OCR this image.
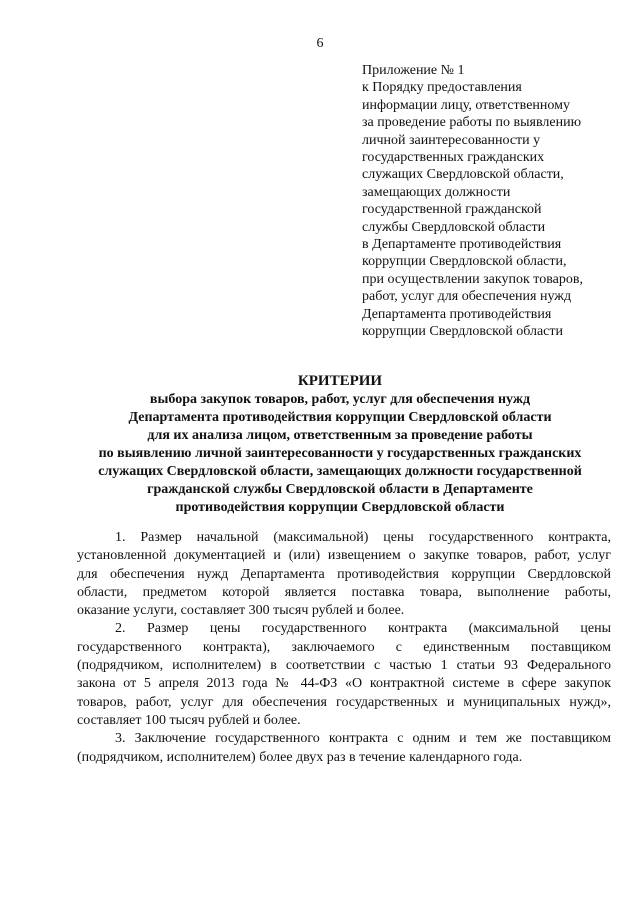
6
Приложение № 1
к Порядку предоставления
информации лицу, ответственному
за проведение работы по выявлению
личной заинтересованности у
государственных гражданских
служащих Свердловской области,
замещающих должности
государственной гражданской
службы Свердловской области
в Департаменте противодействия
коррупции Свердловской области,
при осуществлении закупок товаров,
работ, услуг для обеспечения нужд
Департамента противодействия
коррупции Свердловской области
КРИТЕРИИ
выбора закупок товаров, работ, услуг для обеспечения нужд
Департамента противодействия коррупции Свердловской области
для их анализа лицом, ответственным за проведение работы
по выявлению личной заинтересованности у государственных гражданских
служащих Свердловской области, замещающих должности государственной
гражданской службы Свердловской области в Департаменте
противодействия коррупции Свердловской области
1. Размер начальной (максимальной) цены государственного контракта,
установленной документацией и (или) извещением о закупке товаров, работ, услуг
для обеспечения нужд Департамента противодействия коррупции Свердловской
области, предметом которой является поставка товара, выполнение работы,
оказание услуги, составляет 300 тысяч рублей и более.
2. Размер цены государственного контракта (максимальной цены
государственного контракта), заключаемого с единственным поставщиком
(подрядчиком, исполнителем) в соответствии с частью 1 статьи 93 Федерального
закона от 5 апреля 2013 года № 44-ФЗ «О контрактной системе в сфере закупок
товаров, работ, услуг для обеспечения государственных и муниципальных нужд»,
составляет 100 тысяч рублей и более.
3. Заключение государственного контракта с одним и тем же поставщиком
(подрядчиком, исполнителем) более двух раз в течение календарного года.
